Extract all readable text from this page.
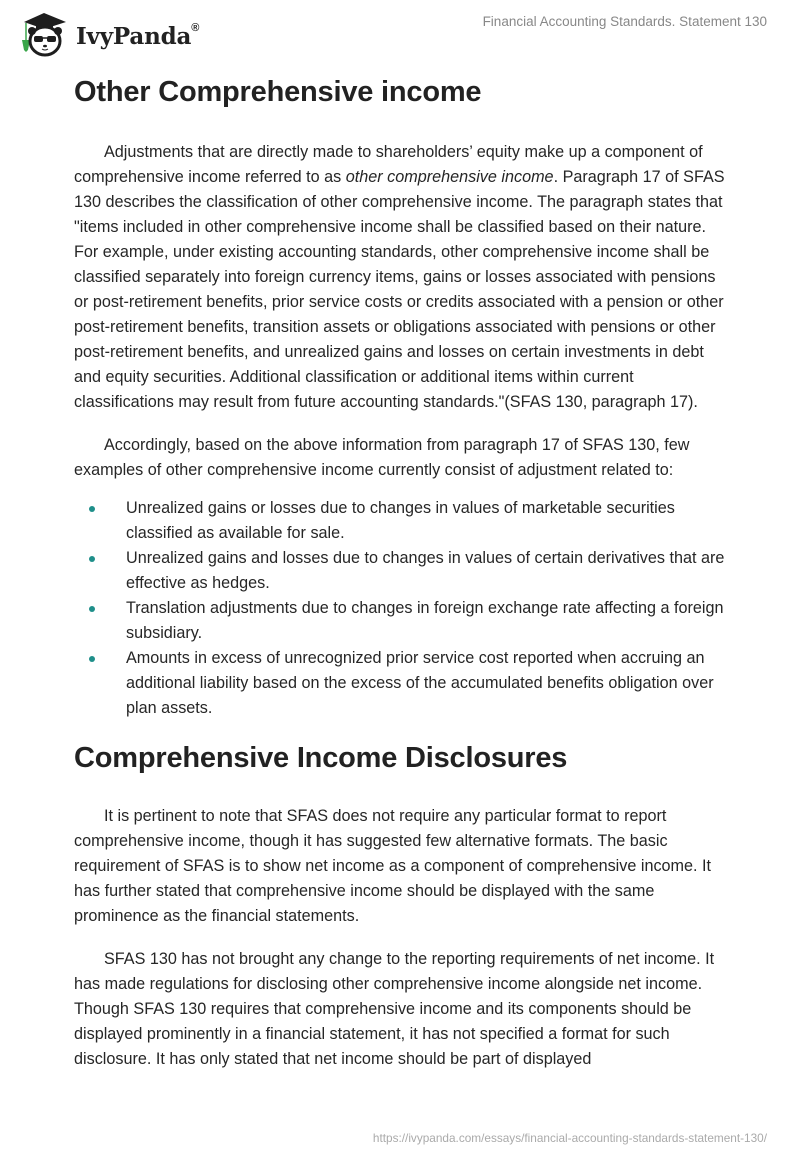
IvyPanda®	Financial Accounting Standards. Statement 130
Other Comprehensive income

Adjustments that are directly made to shareholders’ equity make up a component of comprehensive income referred to as other comprehensive income. Paragraph 17 of SFAS 130 describes the classification of other comprehensive income. The paragraph states that "items included in other comprehensive income shall be classified based on their nature. For example, under existing accounting standards, other comprehensive income shall be classified separately into foreign currency items, gains or losses associated with pensions or post-retirement benefits, prior service costs or credits associated with a pension or other post-retirement benefits, transition assets or obligations associated with pensions or other post-retirement benefits, and unrealized gains and losses on certain investments in debt and equity securities. Additional classification or additional items within current classifications may result from future accounting standards."(SFAS 130, paragraph 17).

Accordingly, based on the above information from paragraph 17 of SFAS 130, few examples of other comprehensive income currently consist of adjustment related to:

Unrealized gains or losses due to changes in values of marketable securities classified as available for sale.
Unrealized gains and losses due to changes in values of certain derivatives that are effective as hedges.
Translation adjustments due to changes in foreign exchange rate affecting a foreign subsidiary.
Amounts in excess of unrecognized prior service cost reported when accruing an additional liability based on the excess of the accumulated benefits obligation over plan assets.
Comprehensive Income Disclosures

It is pertinent to note that SFAS does not require any particular format to report comprehensive income, though it has suggested few alternative formats. The basic requirement of SFAS is to show net income as a component of comprehensive income. It has further stated that comprehensive income should be displayed with the same prominence as the financial statements.

SFAS 130 has not brought any change to the reporting requirements of net income. It has made regulations for disclosing other comprehensive income alongside net income. Though SFAS 130 requires that comprehensive income and its components should be displayed prominently in a financial statement, it has not specified a format for such disclosure. It has only stated that net income should be part of displayed

https://ivypanda.com/essays/financial-accounting-standards-statement-130/
